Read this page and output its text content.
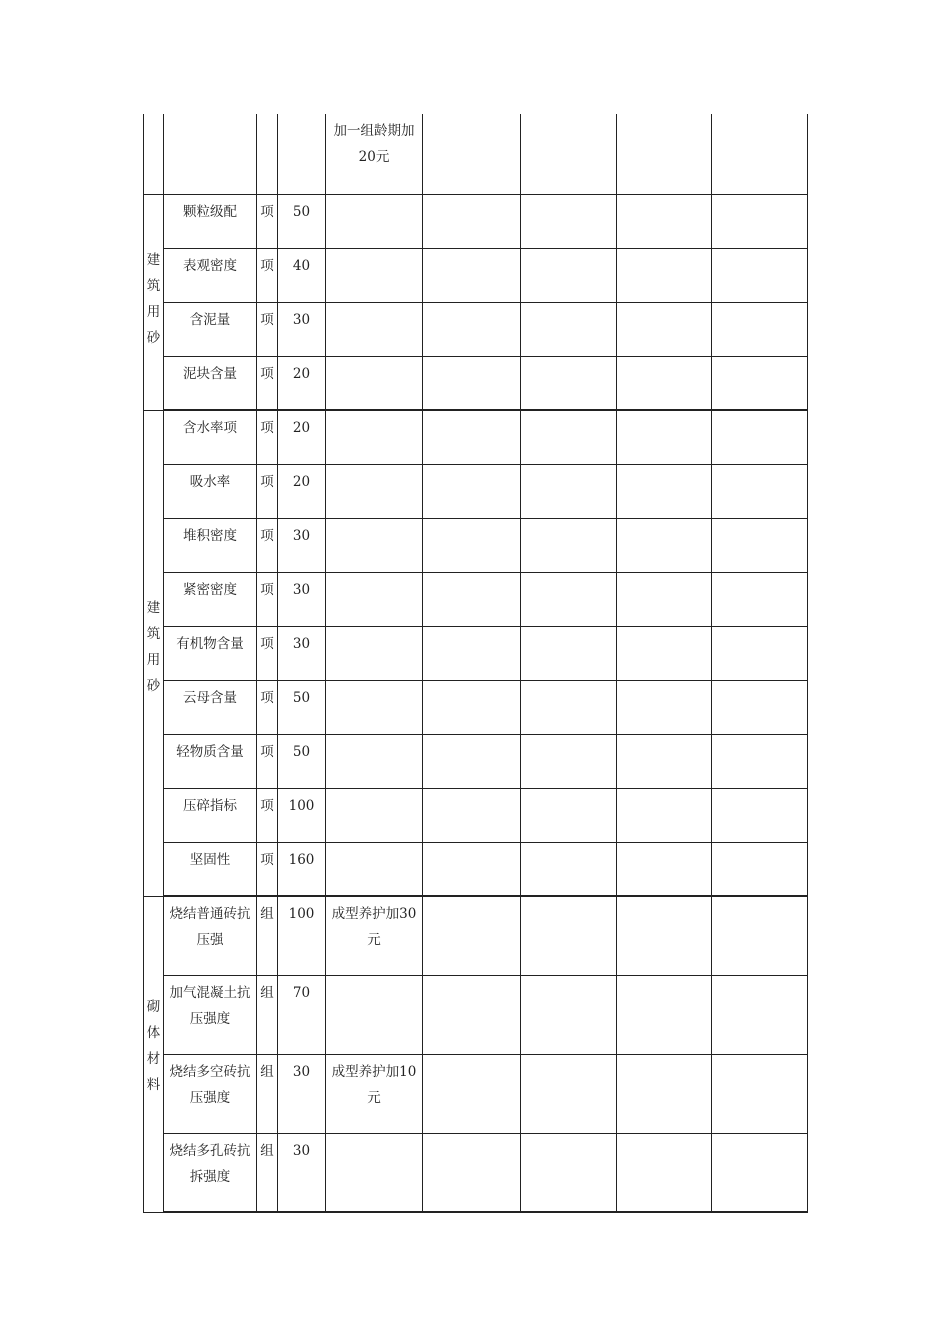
				加一组龄期加20元				

建
筑
用
砂	颗粒级配	项	50					
	表观密度	项	40					
	含泥量	项	30					
	泥块含量	项	20					

建
筑
用
砂	含水率项	项	20					
	吸水率	项	20					
	堆积密度	项	30					
	紧密密度	项	30					
	有机物含量	项	30					
	云母含量	项	50					
	轻物质含量	项	50					
	压碎指标	项	100					
	坚固性	项	160					

砌
体
材
料	烧结普通砖抗压强	组	100	成型养护加30元				
	加气混凝土抗压强度	组	70					
	烧结多空砖抗压强度	组	30	成型养护加10元				
	烧结多孔砖抗拆强度	组	30					
